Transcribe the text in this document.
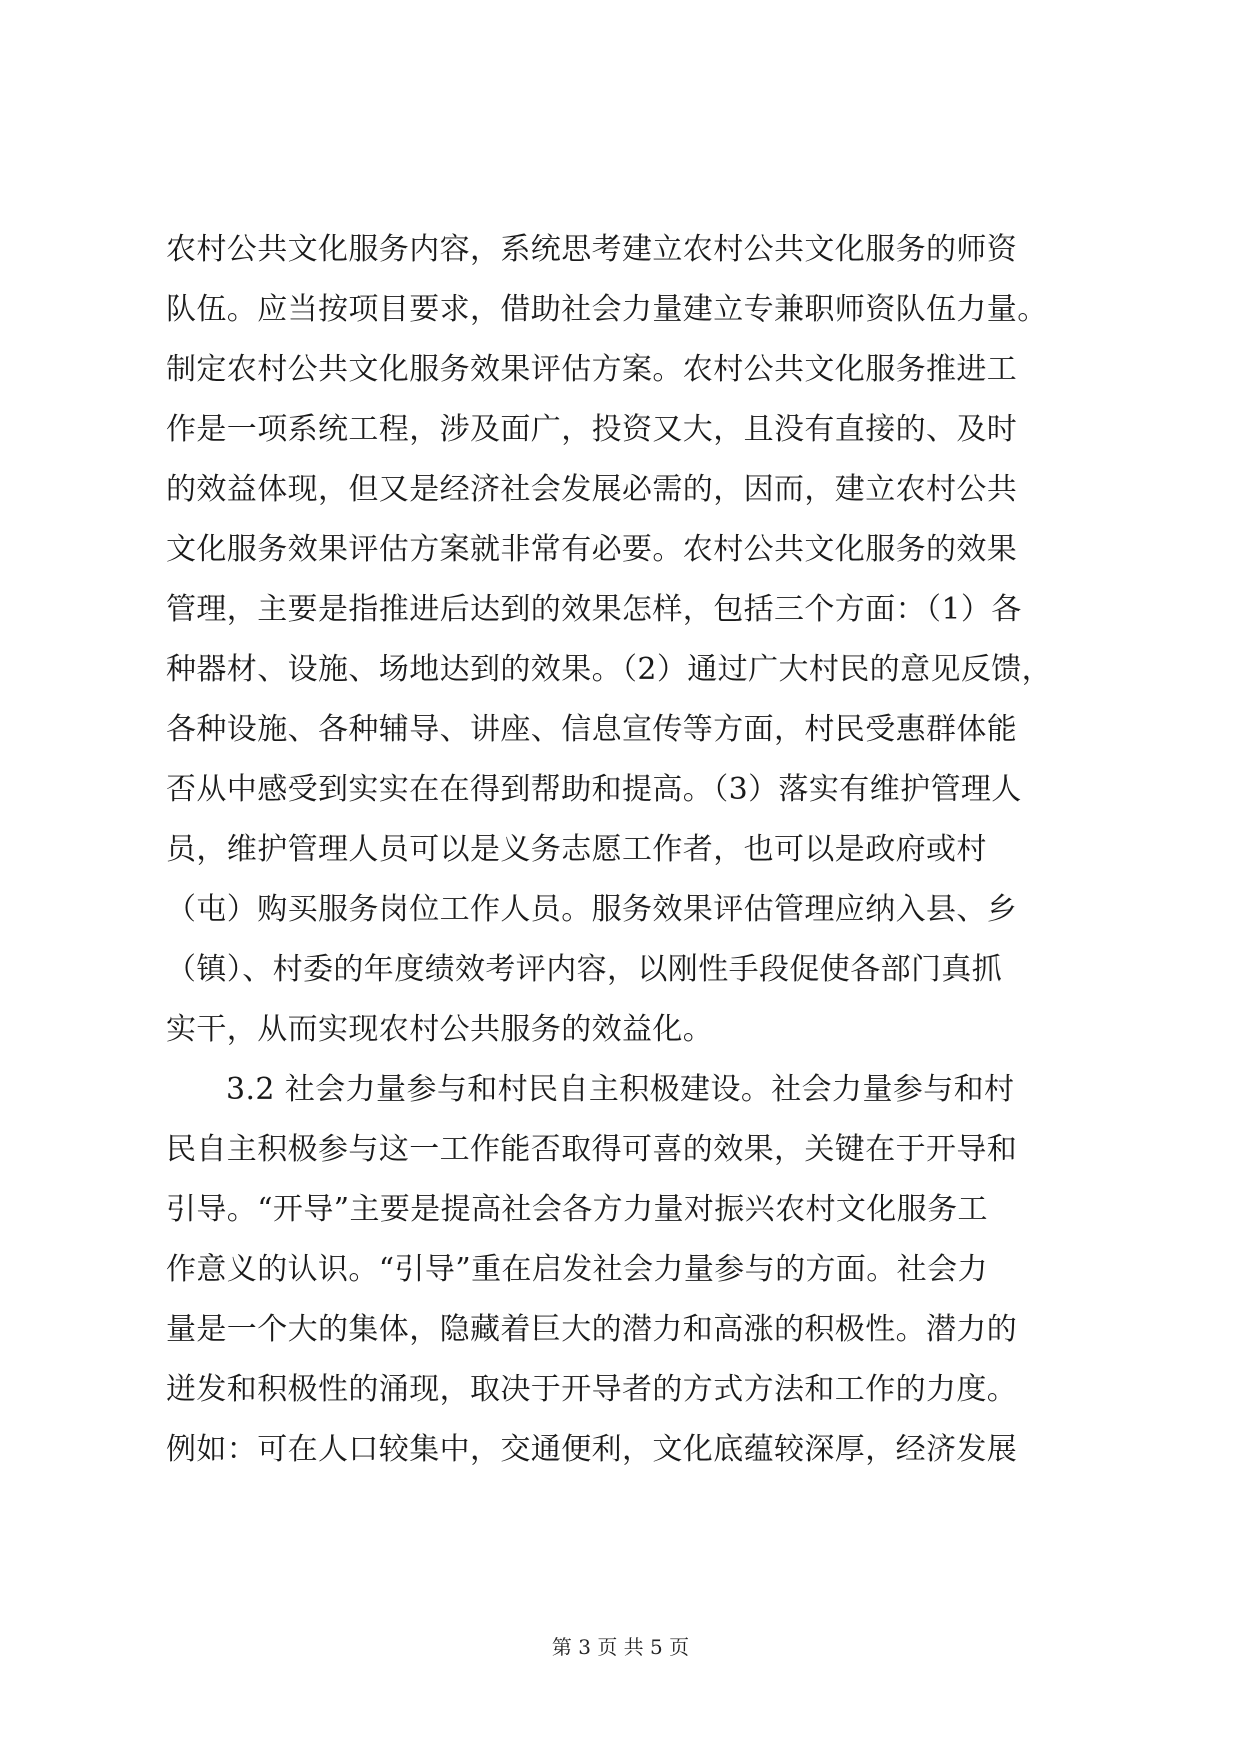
农村公共文化服务内容，系统思考建立农村公共文化服务的师资
队伍。应当按项目要求，借助社会力量建立专兼职师资队伍力量。
制定农村公共文化服务效果评估方案。农村公共文化服务推进工
作是一项系统工程，涉及面广，投资又大，且没有直接的、及时
的效益体现，但又是经济社会发展必需的，因而，建立农村公共
文化服务效果评估方案就非常有必要。农村公共文化服务的效果
管理，主要是指推进后达到的效果怎样，包括三个方面：（1）各
种器材、设施、场地达到的效果。（2）通过广大村民的意见反馈，
各种设施、各种辅导、讲座、信息宣传等方面，村民受惠群体能
否从中感受到实实在在得到帮助和提高。（3）落实有维护管理人
员，维护管理人员可以是义务志愿工作者，也可以是政府或村
（屯）购买服务岗位工作人员。服务效果评估管理应纳入县、乡
（镇）、村委的年度绩效考评内容，以刚性手段促使各部门真抓
实干，从而实现农村公共服务的效益化。
3.2 社会力量参与和村民自主积极建设。社会力量参与和村
民自主积极参与这一工作能否取得可喜的效果，关键在于开导和
引导。“开导”主要是提高社会各方力量对振兴农村文化服务工
作意义的认识。“引导”重在启发社会力量参与的方面。社会力
量是一个大的集体，隐藏着巨大的潜力和高涨的积极性。潜力的
迸发和积极性的涌现，取决于开导者的方式方法和工作的力度。
例如：可在人口较集中，交通便利，文化底蕴较深厚，经济发展
第 3 页 共 5 页
